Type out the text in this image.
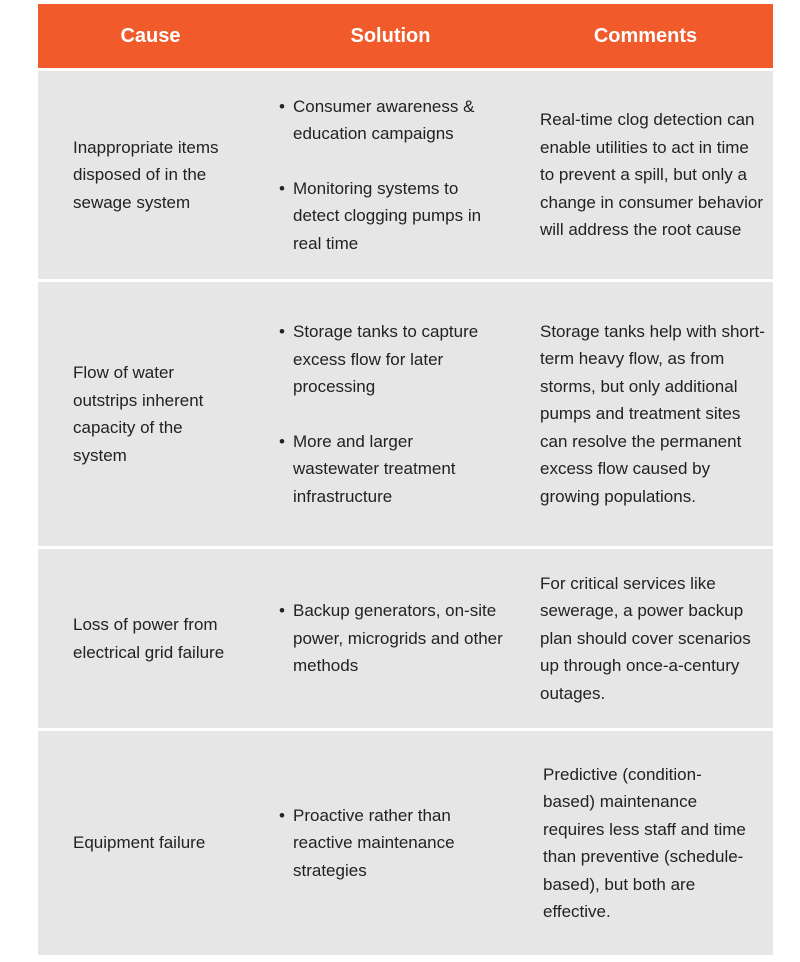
Cause	Solution	Comments
Inappropriate items disposed of in the sewage system
• Consumer awareness & education campaigns
• Monitoring systems to detect clogging pumps in real time
Real-time clog detection can enable utilities to act in time to prevent a spill, but only a change in consumer behavior will address the root cause
Flow of water outstrips inherent capacity of the system
• Storage tanks to capture excess flow for later processing
• More and larger wastewater treatment infrastructure
Storage tanks help with short-term heavy flow, as from storms, but only additional pumps and treatment sites can resolve the permanent excess flow caused by growing populations.
Loss of power from electrical grid failure
• Backup generators, on-site power, microgrids and other methods
For critical services like sewerage, a power backup plan should cover scenarios up through once-a-century outages.
Equipment failure
• Proactive rather than reactive maintenance strategies
Predictive (condition-based) maintenance requires less staff and time than preventive (schedule-based), but both are effective.
